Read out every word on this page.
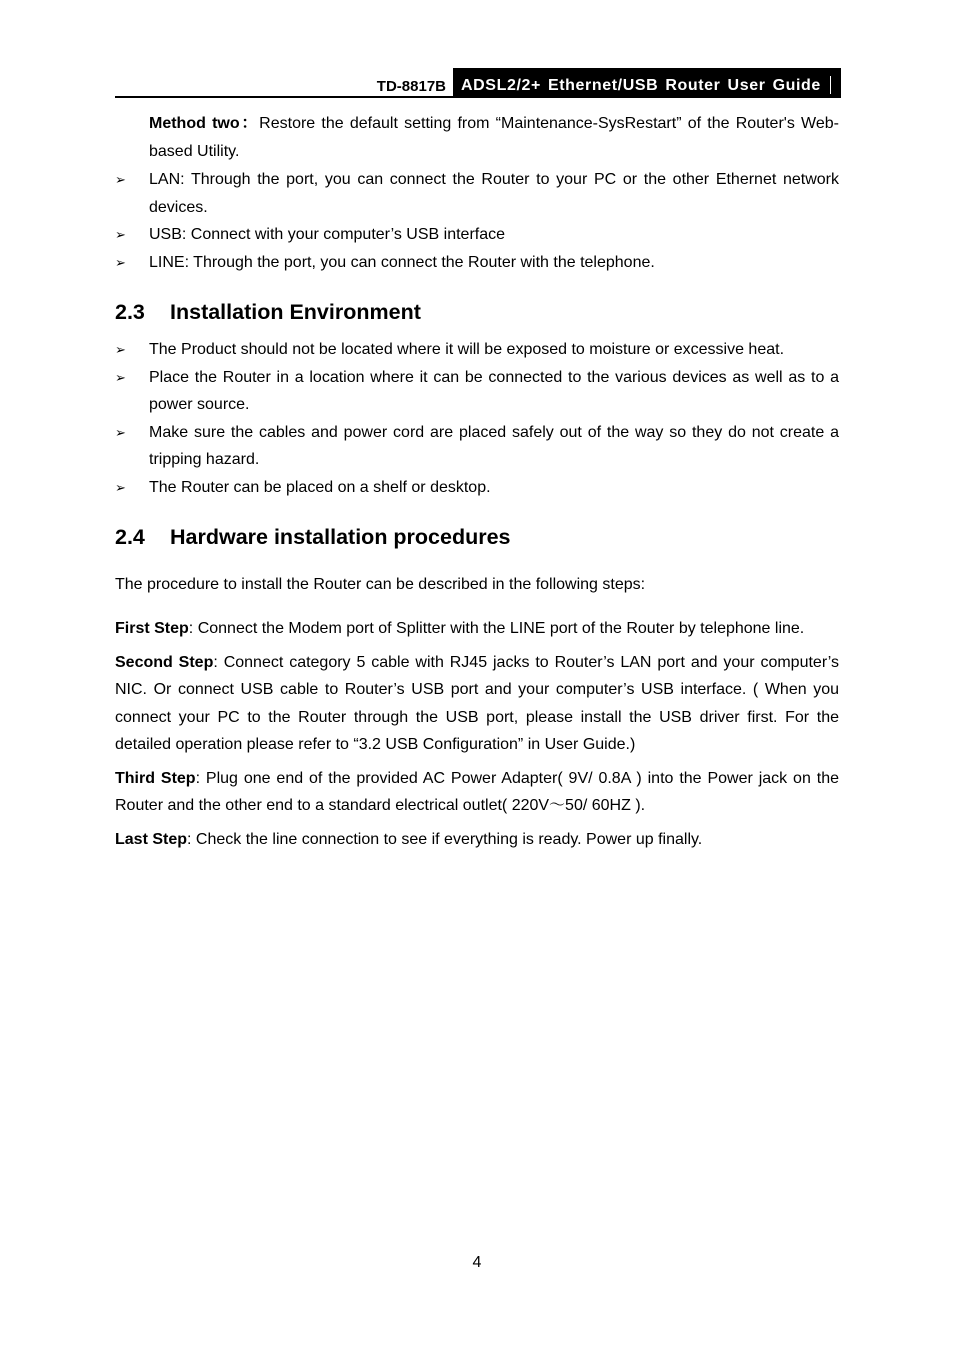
TD-8817B ADSL2/2+ Ethernet/USB Router User Guide

Method two：Restore the default setting from “Maintenance-SysRestart” of the Router's Web-based Utility.

➢ LAN: Through the port, you can connect the Router to your PC or the other Ethernet network devices.
➢ USB: Connect with your computer’s USB interface
➢ LINE: Through the port, you can connect the Router with the telephone.
2.3 Installation Environment
➢ The Product should not be located where it will be exposed to moisture or excessive heat.
➢ Place the Router in a location where it can be connected to the various devices as well as to a power source.
➢ Make sure the cables and power cord are placed safely out of the way so they do not create a tripping hazard.
➢ The Router can be placed on a shelf or desktop.
2.4 Hardware installation procedures

The procedure to install the Router can be described in the following steps:

First Step: Connect the Modem port of Splitter with the LINE port of the Router by telephone line.

Second Step: Connect category 5 cable with RJ45 jacks to Router’s LAN port and your computer’s NIC. Or connect USB cable to Router’s USB port and your computer’s USB interface. ( When you connect your PC to the Router through the USB port, please install the USB driver first. For the detailed operation please refer to “3.2 USB Configuration” in User Guide.)

Third Step: Plug one end of the provided AC Power Adapter( 9V/ 0.8A ) into the Power jack on the Router and the other end to a standard electrical outlet( 220V～50/ 60HZ ).

Last Step: Check the line connection to see if everything is ready. Power up finally.

4
